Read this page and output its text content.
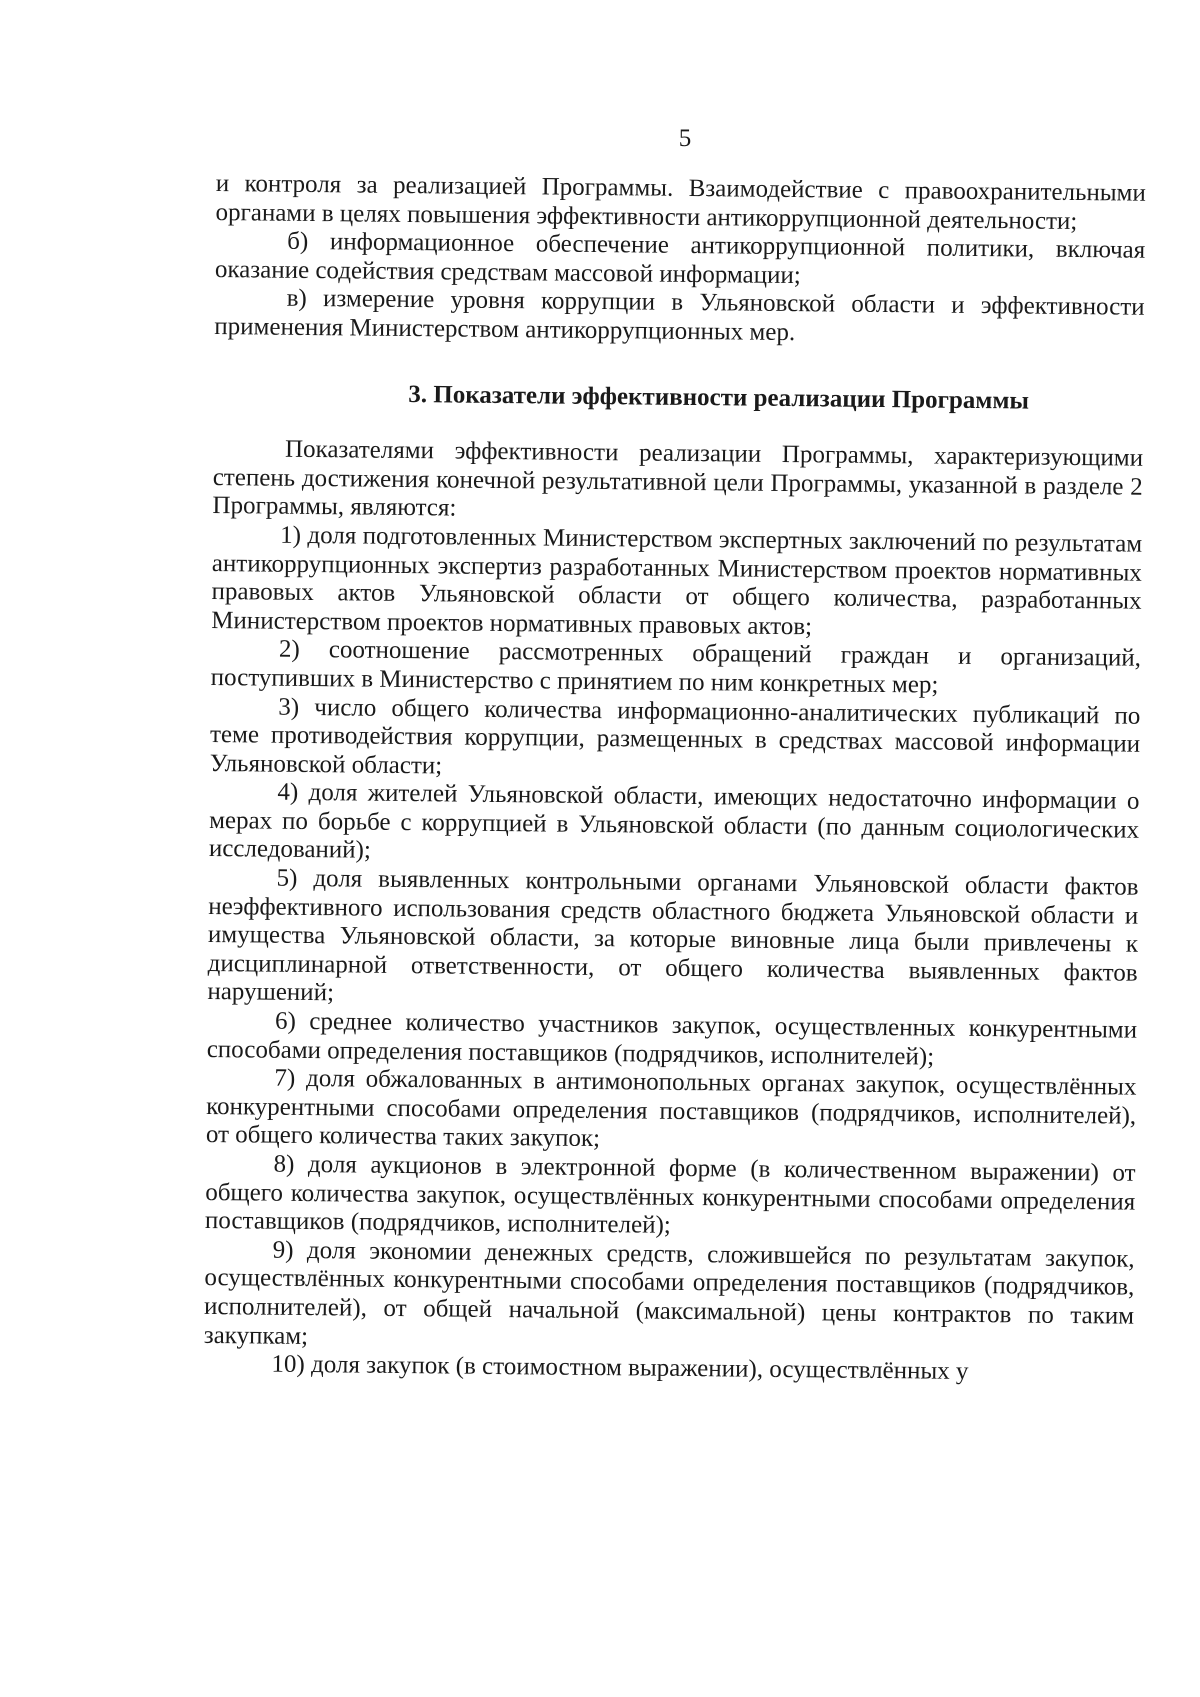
5

и контроля за реализацией Программы. Взаимодействие с правоохранительными органами в целях повышения эффективности антикоррупционной деятельности;

б) информационное обеспечение антикоррупционной политики, включая оказание содействия средствам массовой информации;

в) измерение уровня коррупции в Ульяновской области и эффективности применения Министерством антикоррупционных мер.

3. Показатели эффективности реализации Программы

Показателями эффективности реализации Программы, характеризующими степень достижения конечной результативной цели Программы, указанной в разделе 2 Программы, являются:

1) доля подготовленных Министерством экспертных заключений по результатам антикоррупционных экспертиз разработанных Министерством проектов нормативных правовых актов Ульяновской области от общего количества, разработанных Министерством проектов нормативных правовых актов;

2) соотношение рассмотренных обращений граждан и организаций, поступивших в Министерство с принятием по ним конкретных мер;

3) число общего количества информационно-аналитических публикаций по теме противодействия коррупции, размещенных в средствах массовой информации Ульяновской области;

4) доля жителей Ульяновской области, имеющих недостаточно информации о мерах по борьбе с коррупцией в Ульяновской области (по данным социологических исследований);

5) доля выявленных контрольными органами Ульяновской области фактов неэффективного использования средств областного бюджета Ульяновской области и имущества Ульяновской области, за которые виновные лица были привлечены к дисциплинарной ответственности, от общего количества выявленных фактов нарушений;

6) среднее количество участников закупок, осуществленных конкурентными способами определения поставщиков (подрядчиков, исполнителей);

7) доля обжалованных в антимонопольных органах закупок, осуществлённых конкурентными способами определения поставщиков (подрядчиков, исполнителей), от общего количества таких закупок;

8) доля аукционов в электронной форме (в количественном выражении) от общего количества закупок, осуществлённых конкурентными способами определения поставщиков (подрядчиков, исполнителей);

9) доля экономии денежных средств, сложившейся по результатам закупок, осуществлённых конкурентными способами определения поставщиков (подрядчиков, исполнителей), от общей начальной (максимальной) цены контрактов по таким закупкам;

10) доля закупок (в стоимостном выражении), осуществлённых у
